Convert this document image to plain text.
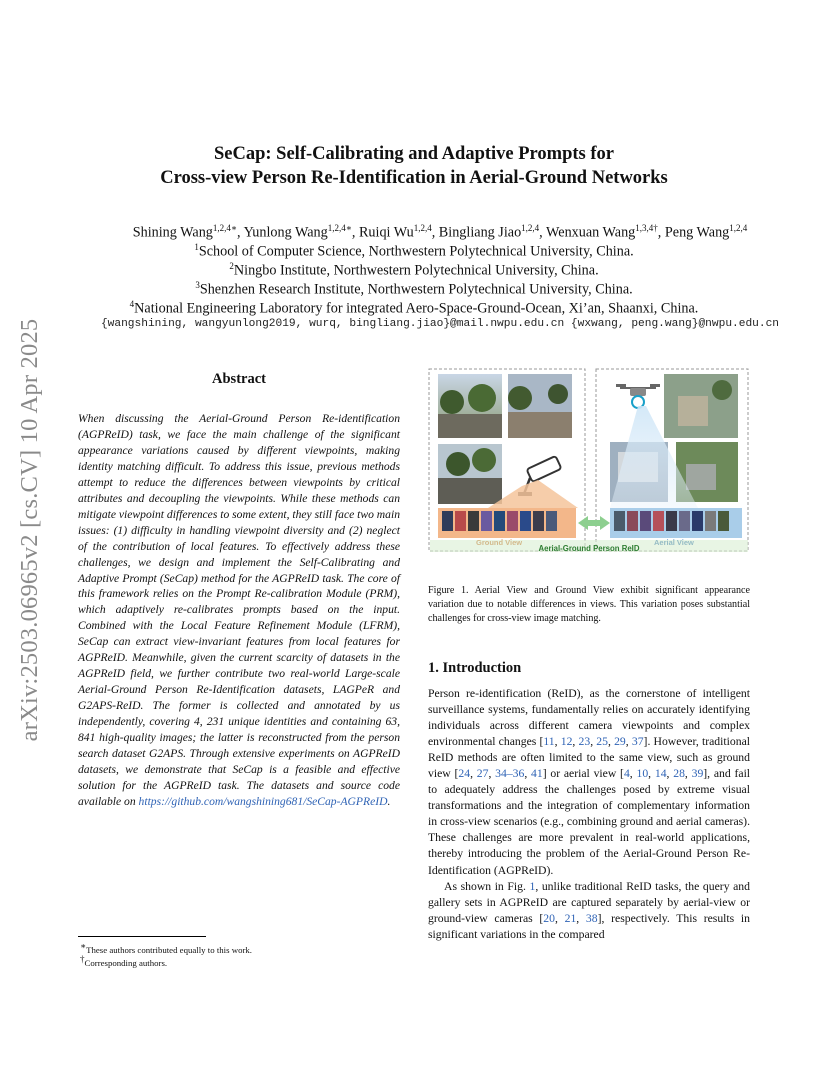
arXiv:2503.06965v2 [cs.CV] 10 Apr 2025
SeCap: Self-Calibrating and Adaptive Prompts for
Cross-view Person Re-Identification in Aerial-Ground Networks
Shining Wang$^{1,2,4∗}$, Yunlong Wang$^{1,2,4∗}$, Ruiqi Wu$^{1,2,4}$, Bingliang Jiao$^{1,2,4}$, Wenxuan Wang$^{1,3,4\dagger}$, Peng Wang$^{1,2,4}$
$^1$School of Computer Science, Northwestern Polytechnical University, China.
$^2$Ningbo Institute, Northwestern Polytechnical University, China.
$^3$Shenzhen Research Institute, Northwestern Polytechnical University, China.
$^4$National Engineering Laboratory for integrated Aero-Space-Ground-Ocean, Xi’an, Shaanxi, China.
{wangshining, wangyunlong2019, wurq, bingliang.jiao}@mail.nwpu.edu.cn {wxwang, peng.wang}@nwpu.edu.cn
Abstract
When discussing the Aerial-Ground Person Re-identification (AGPReID) task, we face the main challenge of the significant appearance variations caused by different viewpoints, making identity matching difficult. To address this issue, previous methods attempt to reduce the differences between viewpoints by critical attributes and decoupling the viewpoints. While these methods can mitigate viewpoint differences to some extent, they still face two main issues: (1) difficulty in handling viewpoint diversity and (2) neglect of the contribution of local features. To effectively address these challenges, we design and implement the Self-Calibrating and Adaptive Prompt (SeCap) method for the AGPReID task. The core of this framework relies on the Prompt Re-calibration Module (PRM), which adaptively re-calibrates prompts based on the input. Combined with the Local Feature Refinement Module (LFRM), SeCap can extract view-invariant features from local features for AGPReID. Meanwhile, given the current scarcity of datasets in the AGPReID field, we further contribute two real-world Large-scale Aerial-Ground Person Re-Identification datasets, LAGPeR and G2APS-ReID. The former is collected and annotated by us independently, covering 4, 231 unique identities and containing 63, 841 high-quality images; the latter is reconstructed from the person search dataset G2APS. Through extensive experiments on AGPReID datasets, we demonstrate that SeCap is a feasible and effective solution for the AGPReID task. The datasets and source code available on https://github.com/wangshining681/SeCap-AGPReID.
∗These authors contributed equally to this work.
†Corresponding authors.
Aerial-Ground Person ReID
Figure 1. Aerial View and Ground View exhibit significant appearance variation due to notable differences in views. This variation poses substantial challenges for cross-view image matching.
1. Introduction

Person re-identification (ReID), as the cornerstone of intelligent surveillance systems, fundamentally relies on accurately identifying individuals across different camera viewpoints and complex environmental changes [11, 12, 23, 25, 29, 37]. However, traditional ReID methods are often limited to the same view, such as ground view [24, 27, 34–36, 41] or aerial view [4, 10, 14, 28, 39], and fail to adequately address the challenges posed by extreme visual transformations and the integration of complementary information in cross-view scenarios (e.g., combining ground and aerial cameras). These challenges are more prevalent in real-world applications, thereby introducing the problem of the Aerial-Ground Person Re-Identification (AGPReID).

As shown in Fig. 1, unlike traditional ReID tasks, the query and gallery sets in AGPReID are captured separately by aerial-view or ground-view cameras [20, 21, 38], respectively. This results in significant variations in the compared
